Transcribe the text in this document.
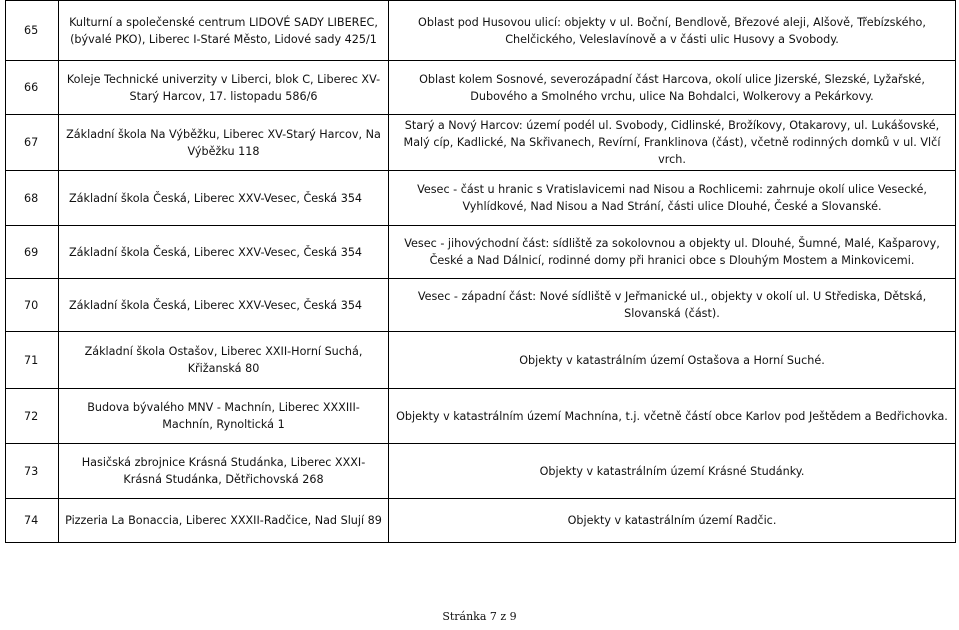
65	Kulturní a společenské centrum LIDOVÉ SADY LIBEREC, (bývalé PKO), Liberec I-Staré Město, Lidové sady 425/1	Oblast pod Husovou ulicí: objekty v ul. Boční, Bendlově, Březové aleji, Alšově, Třebízského, Chelčického, Veleslavínově a v části ulic Husovy a Svobody.
66	Koleje Technické univerzity v Liberci, blok C, Liberec XV-Starý Harcov, 17. listopadu 586/6	Oblast kolem Sosnové, severozápadní část Harcova, okolí ulice Jizerské, Slezské, Lyžařské, Dubového a Smolného vrchu, ulice Na Bohdalci, Wolkerovy a Pekárkovy.
67	Základní škola Na Výběžku, Liberec XV-Starý Harcov, Na Výběžku 118	Starý a Nový Harcov: území podél ul. Svobody, Cidlinské, Brožíkovy, Otakarovy, ul. Lukášovské, Malý cíp, Kadlické, Na Skřivanech, Revírní, Franklinova (část), včetně rodinných domků v ul. Vlčí vrch.
68	Základní škola Česká, Liberec XXV-Vesec, Česká 354	Vesec - část u hranic s Vratislavicemi nad Nisou a Rochlicemi: zahrnuje okolí ulice Vesecké, Vyhlídkové, Nad Nisou a Nad Strání, části ulice Dlouhé, České a Slovanské.
69	Základní škola Česká, Liberec XXV-Vesec, Česká 354	Vesec - jihovýchodní část: sídliště za sokolovnou a objekty ul. Dlouhé, Šumné, Malé, Kašparovy, České a Nad Dálnicí, rodinné domy při hranici obce s Dlouhým Mostem a Minkovicemi.
70	Základní škola Česká, Liberec XXV-Vesec, Česká 354	Vesec - západní část: Nové sídliště v Jeřmanické ul., objekty v okolí ul. U Střediska, Dětská, Slovanská (část).
71	Základní škola Ostašov, Liberec XXII-Horní Suchá, Křižanská 80	Objekty v katastrálním území Ostašova a Horní Suché.
72	Budova bývalého MNV - Machnín, Liberec XXXIII-Machnín, Rynoltická 1	Objekty v katastrálním území Machnína, t.j. včetně částí obce Karlov pod Ještědem a Bedřichovka.
73	Hasičská zbrojnice Krásná Studánka, Liberec XXXI-Krásná Studánka, Dětřichovská 268	Objekty v katastrálním území Krásné Studánky.
74	Pizzeria La Bonaccia, Liberec XXXII-Radčice, Nad Slují 89	Objekty v katastrálním území Radčic.
Stránka 7 z 9
